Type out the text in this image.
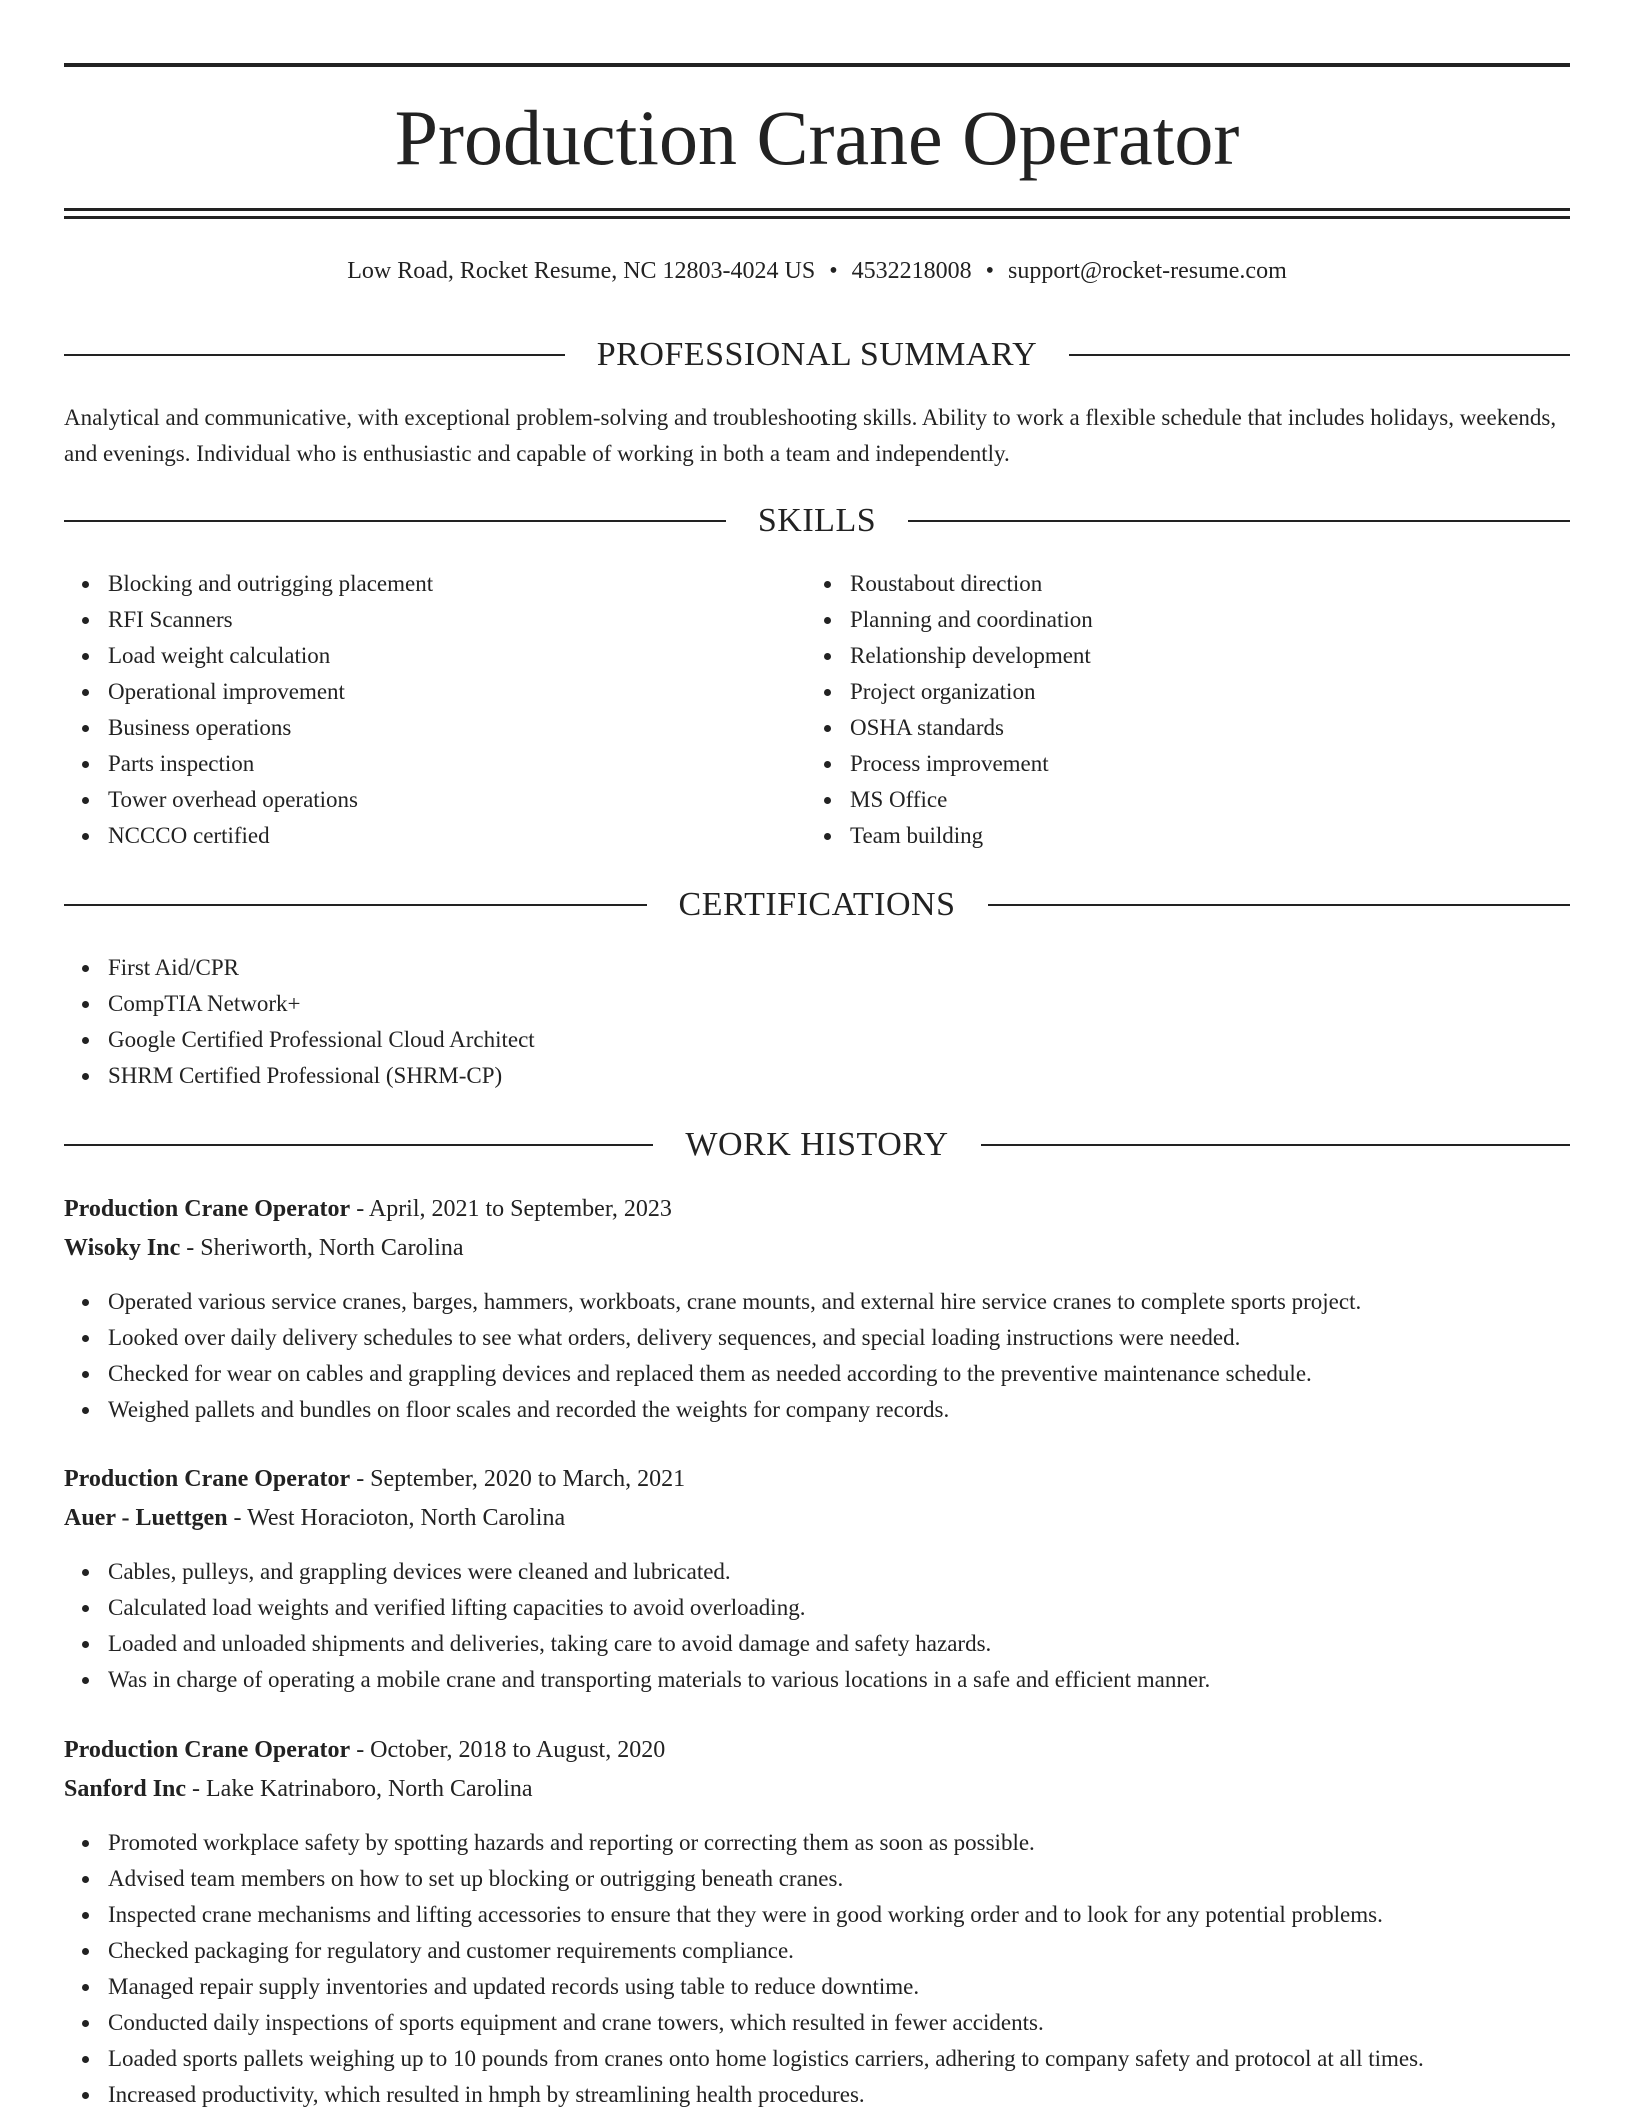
Production Crane Operator
Low Road, Rocket Resume, NC 12803-4024 US • 4532218008 • support@rocket-resume.com
PROFESSIONAL SUMMARY

Analytical and communicative, with exceptional problem-solving and troubleshooting skills. Ability to work a flexible schedule that includes holidays, weekends, and evenings. Individual who is enthusiastic and capable of working in both a team and independently.

SKILLS
Blocking and outrigging placement
RFI Scanners
Load weight calculation
Operational improvement
Business operations
Parts inspection
Tower overhead operations
NCCCO certified
Roustabout direction
Planning and coordination
Relationship development
Project organization
OSHA standards
Process improvement
MS Office
Team building
CERTIFICATIONS
First Aid/CPR
CompTIA Network+
Google Certified Professional Cloud Architect
SHRM Certified Professional (SHRM-CP)
WORK HISTORY
Production Crane Operator - April, 2021 to September, 2023
Wisoky Inc - Sheriworth, North Carolina
Operated various service cranes, barges, hammers, workboats, crane mounts, and external hire service cranes to complete sports project.
Looked over daily delivery schedules to see what orders, delivery sequences, and special loading instructions were needed.
Checked for wear on cables and grappling devices and replaced them as needed according to the preventive maintenance schedule.
Weighed pallets and bundles on floor scales and recorded the weights for company records.
Production Crane Operator - September, 2020 to March, 2021
Auer - Luettgen - West Horacioton, North Carolina
Cables, pulleys, and grappling devices were cleaned and lubricated.
Calculated load weights and verified lifting capacities to avoid overloading.
Loaded and unloaded shipments and deliveries, taking care to avoid damage and safety hazards.
Was in charge of operating a mobile crane and transporting materials to various locations in a safe and efficient manner.
Production Crane Operator - October, 2018 to August, 2020
Sanford Inc - Lake Katrinaboro, North Carolina
Promoted workplace safety by spotting hazards and reporting or correcting them as soon as possible.
Advised team members on how to set up blocking or outrigging beneath cranes.
Inspected crane mechanisms and lifting accessories to ensure that they were in good working order and to look for any potential problems.
Checked packaging for regulatory and customer requirements compliance.
Managed repair supply inventories and updated records using table to reduce downtime.
Conducted daily inspections of sports equipment and crane towers, which resulted in fewer accidents.
Loaded sports pallets weighing up to 10 pounds from cranes onto home logistics carriers, adhering to company safety and protocol at all times.
Increased productivity, which resulted in hmph by streamlining health procedures.
